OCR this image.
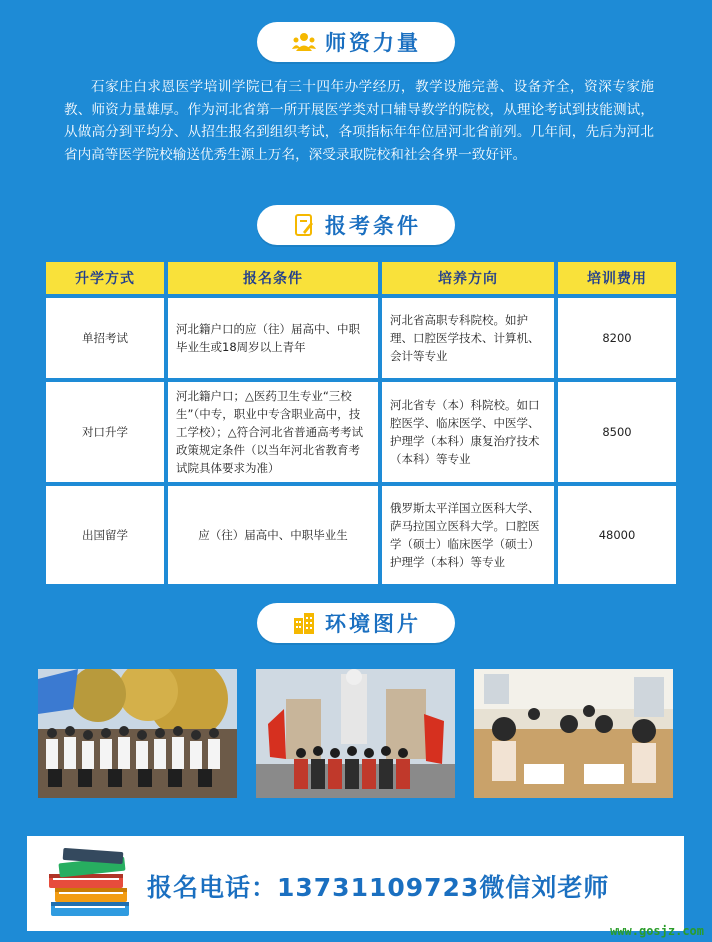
师资力量

石家庄白求恩医学培训学院已有三十四年办学经历，教学设施完善、设备齐全，资深专家施教、师资力量雄厚。作为河北省第一所开展医学类对口辅导教学的院校，从理论考试到技能测试，从做高分到平均分、从招生报名到组织考试，各项指标年年位居河北省前列。几年间，先后为河北省内高等医学院校输送优秀生源上万名，深受录取院校和社会各界一致好评。

报考条件
升学方式	报名条件	培养方向	培训费用
单招考试	河北籍户口的应（往）届高中、中职毕业生或18周岁以上青年	河北省高职专科院校。如护理、口腔医学技术、计算机、会计等专业	8200
对口升学	河北籍户口；△医药卫生专业“三校生”（中专，职业中专含职业高中，技工学校）；△符合河北省普通高考考试政策规定条件（以当年河北省教育考试院具体要求为准）	河北省专（本）科院校。如口腔医学、临床医学、中医学、护理学（本科）康复治疗技术（本科）等专业	8500
出国留学	应（往）届高中、中职毕业生	俄罗斯太平洋国立医科大学、萨马拉国立医科大学。口腔医学（硕士）临床医学（硕士）护理学（本科）等专业	48000
环境图片
报名电话：13731109723微信刘老师
www.gosjz.com
